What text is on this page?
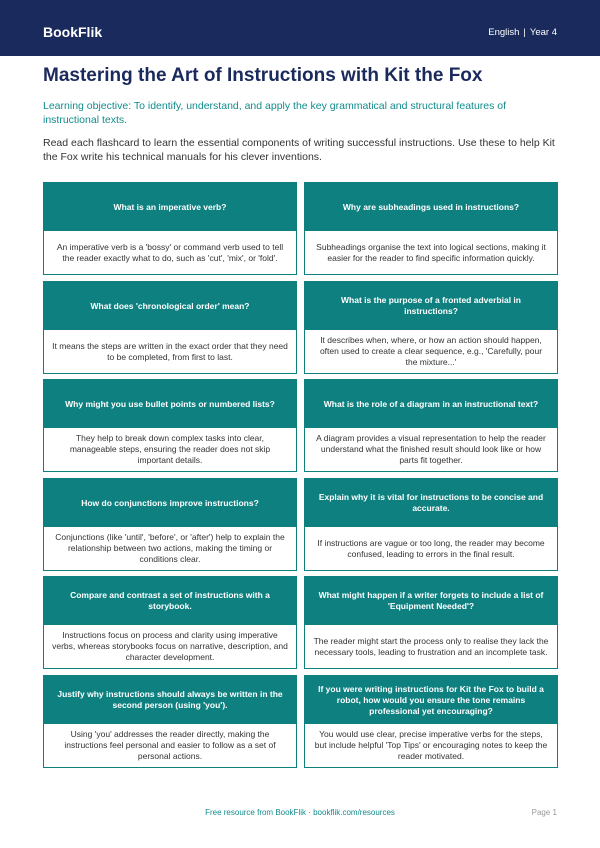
BookFlik	English | Year 4
Mastering the Art of Instructions with Kit the Fox

Learning objective: To identify, understand, and apply the key grammatical and structural features of instructional texts.

Read each flashcard to learn the essential components of writing successful instructions. Use these to help Kit the Fox write his technical manuals for his clever inventions.

What is an imperative verb?
An imperative verb is a 'bossy' or command verb used to tell the reader exactly what to do, such as 'cut', 'mix', or 'fold'.
Why are subheadings used in instructions?
Subheadings organise the text into logical sections, making it easier for the reader to find specific information quickly.
What does 'chronological order' mean?
It means the steps are written in the exact order that they need to be completed, from first to last.
What is the purpose of a fronted adverbial in instructions?
It describes when, where, or how an action should happen, often used to create a clear sequence, e.g., 'Carefully, pour the mixture...'
Why might you use bullet points or numbered lists?
They help to break down complex tasks into clear, manageable steps, ensuring the reader does not skip important details.
What is the role of a diagram in an instructional text?
A diagram provides a visual representation to help the reader understand what the finished result should look like or how parts fit together.
How do conjunctions improve instructions?
Conjunctions (like 'until', 'before', or 'after') help to explain the relationship between two actions, making the timing or conditions clear.
Explain why it is vital for instructions to be concise and accurate.
If instructions are vague or too long, the reader may become confused, leading to errors in the final result.
Compare and contrast a set of instructions with a storybook.
Instructions focus on process and clarity using imperative verbs, whereas storybooks focus on narrative, description, and character development.
What might happen if a writer forgets to include a list of 'Equipment Needed'?
The reader might start the process only to realise they lack the necessary tools, leading to frustration and an incomplete task.
Justify why instructions should always be written in the second person (using 'you').
Using 'you' addresses the reader directly, making the instructions feel personal and easier to follow as a set of personal actions.
If you were writing instructions for Kit the Fox to build a robot, how would you ensure the tone remains professional yet encouraging?
You would use clear, precise imperative verbs for the steps, but include helpful 'Top Tips' or encouraging notes to keep the reader motivated.
Free resource from BookFlik · bookflik.com/resources	Page 1
